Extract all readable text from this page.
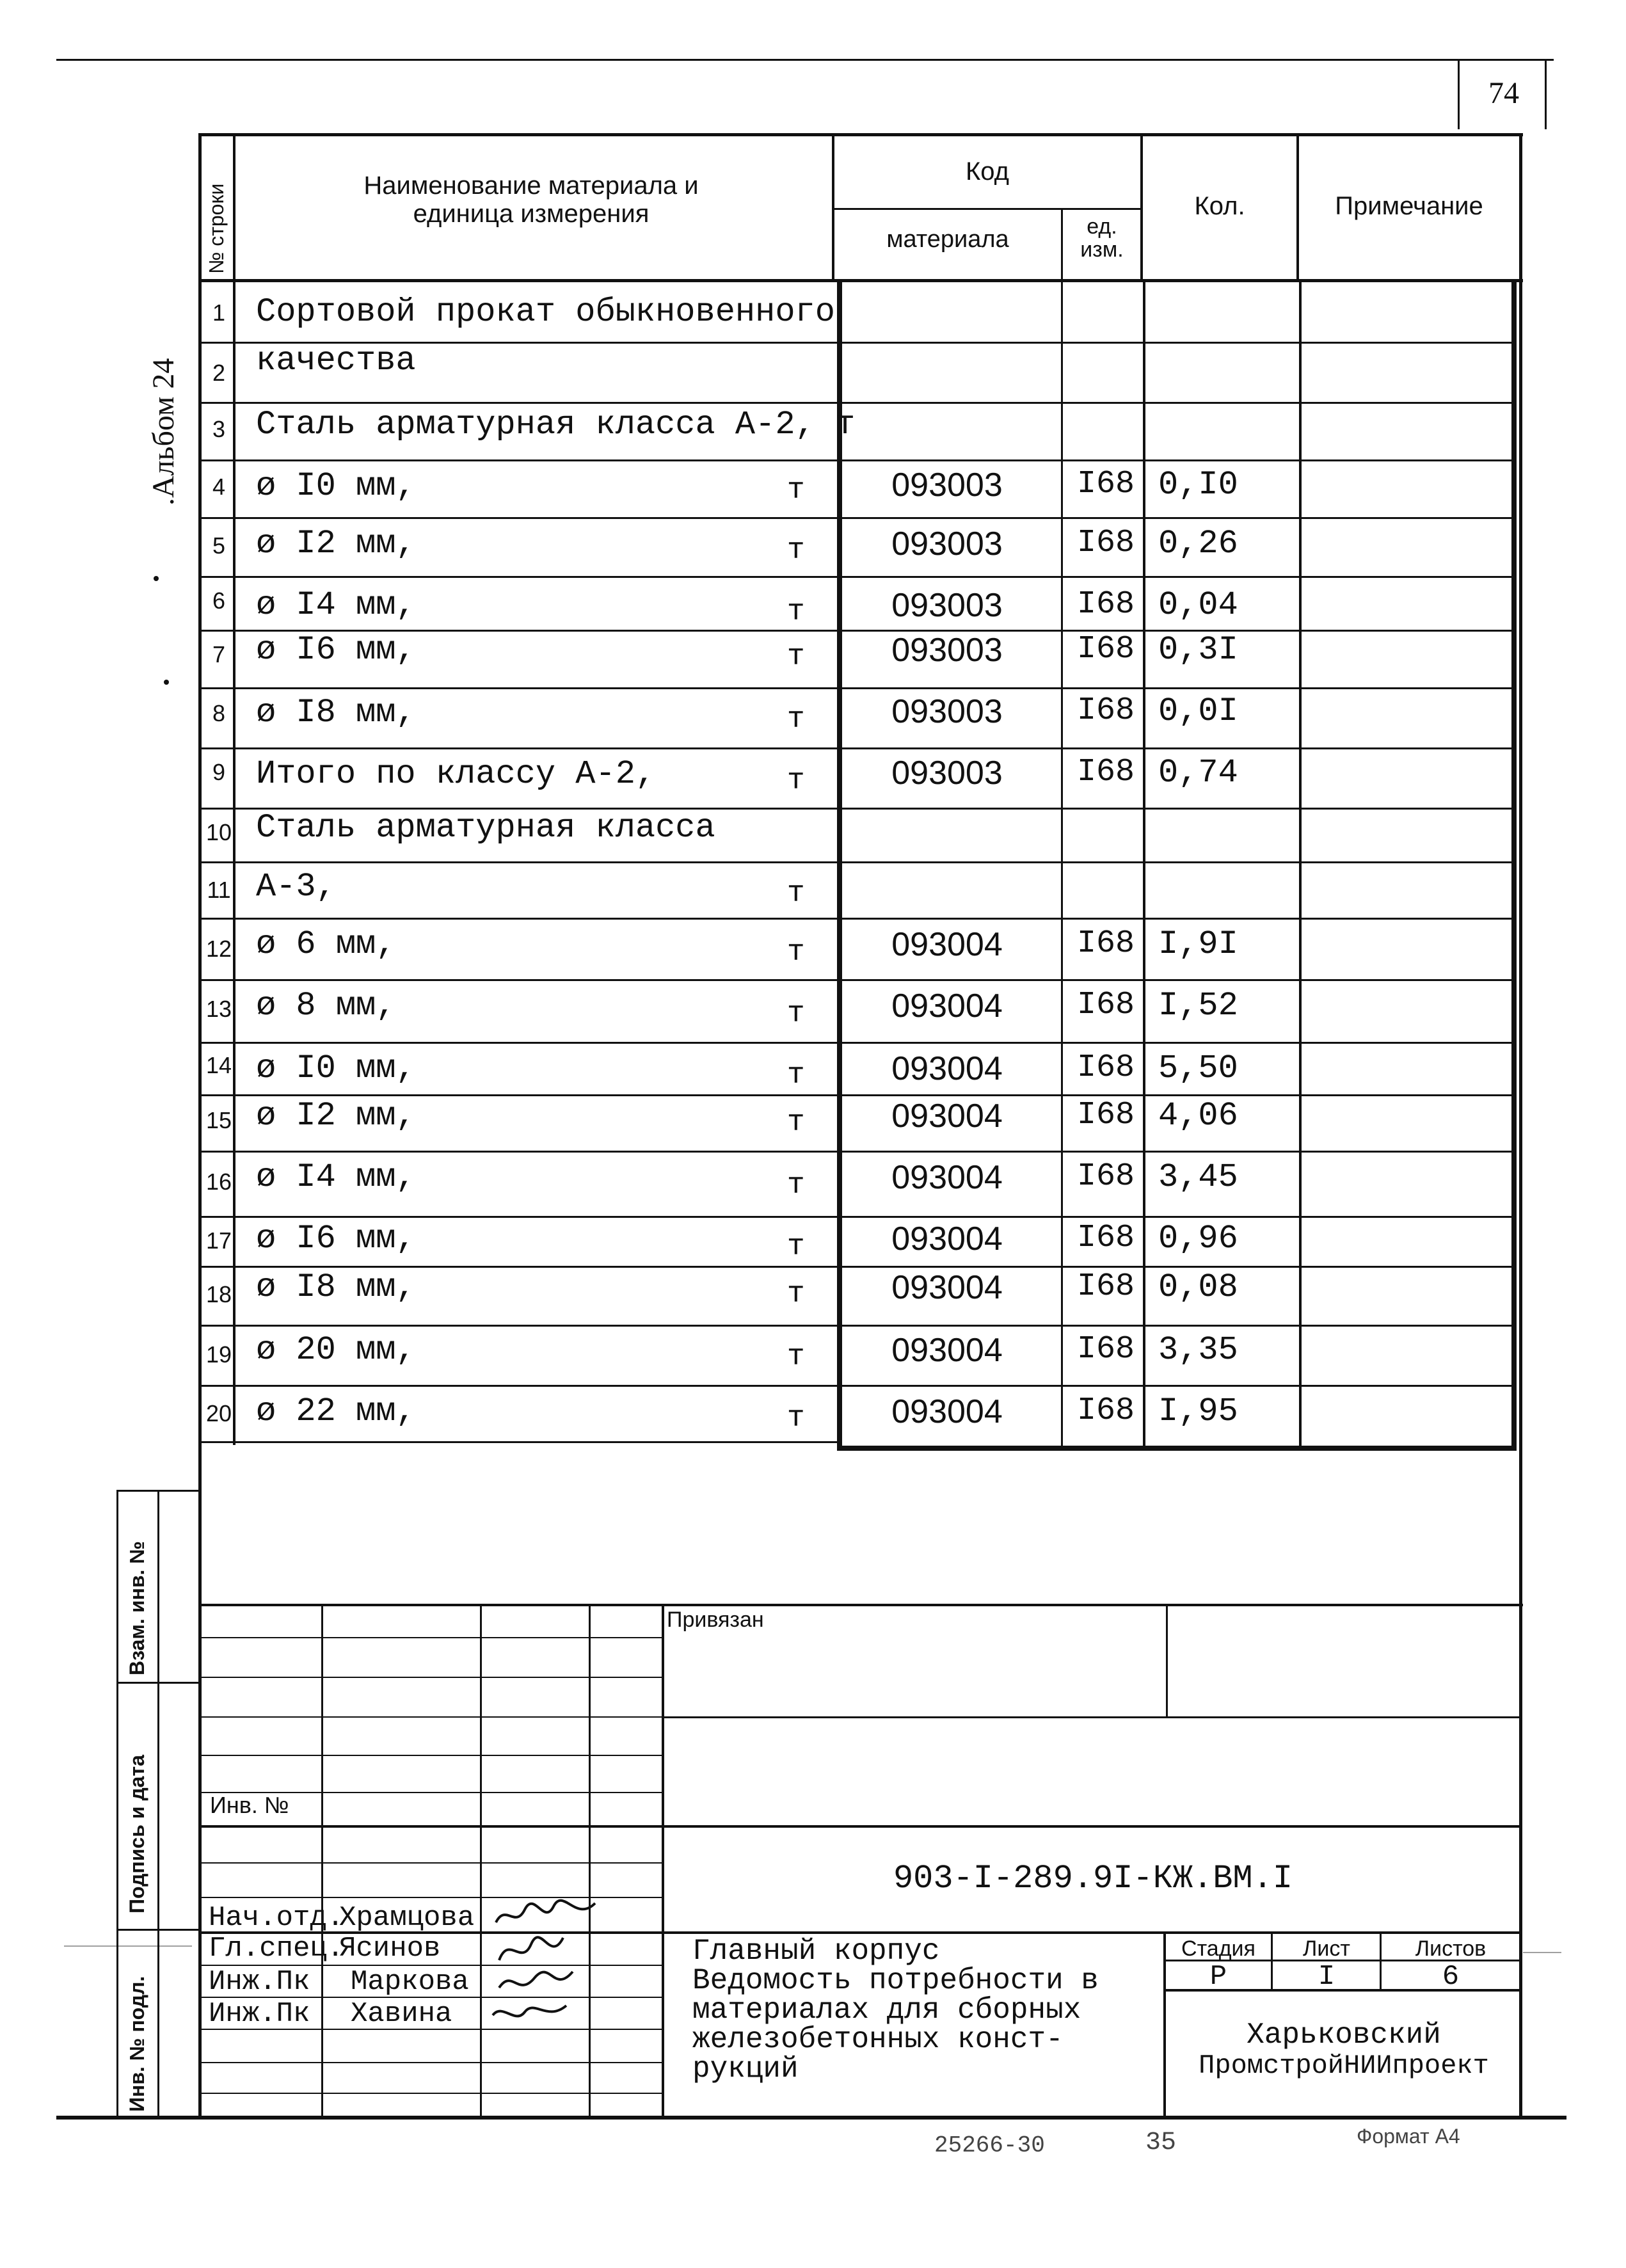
74
.Альбом 24
№ строки	Наименование материала и единица измерения
Код
материала	ед. изм.
Кол.	Примечание
1 Сортовой прокат обыкновенного
2 качества
3 Сталь арматурная класса А-2, т
4 ø I0 мм,	т	093003	I68 0,I0
5 ø I2 мм,	т	093003	I68 0,26
6 ø I4 мм,	т	093003	I68 0,04
7 ø I6 мм,	т	093003	I68 0,3I
8 ø I8 мм,	т	093003	I68 0,0I
9 Итого по классу А-2,	т	093003	I68 0,74
10 Сталь арматурная класса
11 А-3,	т
12 ø 6 мм,	т	093004	I68 I,9I
13 ø 8 мм,	т	093004	I68 I,52
14 ø I0 мм,	т	093004	I68 5,50
15 ø I2 мм,	т	093004	I68 4,06
16 ø I4 мм,	т	093004	I68 3,45
17 ø I6 мм,	т	093004	I68 0,96
18 ø I8 мм,	т	093004	I68 0,08
19 ø 20 мм,	т	093004	I68 3,35
20 ø 22 мм,	т	093004	I68 I,95
Взам. инв. №
Подпись и дата
Инв. № подл.
Привязан
Инв. №
903-I-289.9I-КЖ.ВМ.I
Нач.отд.
Храмцова
Гл.спец.
Ясинов
Инж.Пк Маркова
Инж.Пк Хавина
Главный корпус
Ведомость потребности в
материалах для сборных
железобетонных конст-
рукций
Стадия	Лист	Листов
Р	I	6
Харьковский
ПромстройНИИпроект
25266-30	35	Формат А4
